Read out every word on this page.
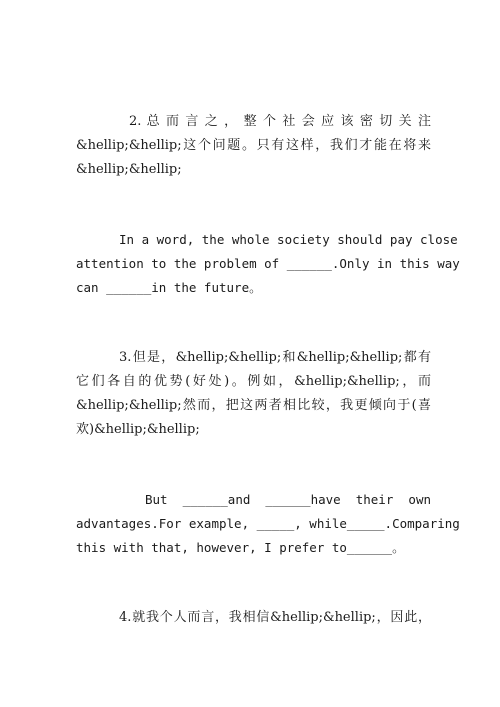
2. 总 而 言 之 ， 整 个 社 会 应 该 密 切 关 注
&hellip;&hellip;这个问题。只有这样，我们才能在将来
&hellip;&hellip;
In a word, the whole society should pay close
attention to the problem of ______.Only in this way
can ______in the future。
3.但是，&hellip;&hellip;和&hellip;&hellip;都有
它们各自的优势(好处)。例如，&hellip;&hellip;，而
&hellip;&hellip;然而，把这两者相比较，我更倾向于(喜
欢)&hellip;&hellip;
But ______and ______have their own
advantages.For example, _____, while_____.Comparing
this with that, however, I prefer to______。
4.就我个人而言，我相信&hellip;&hellip;，因此，
